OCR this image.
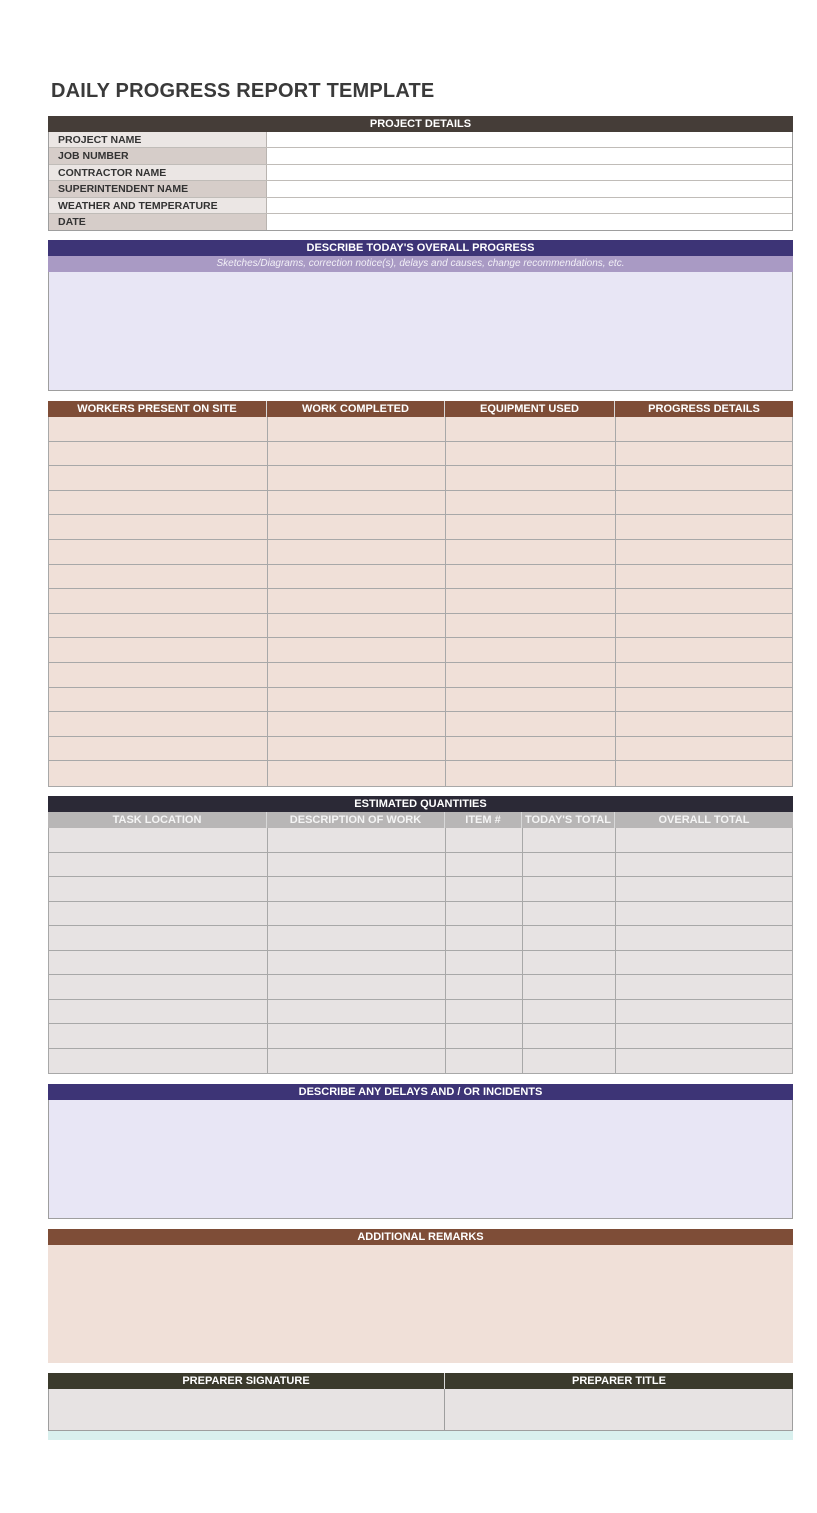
DAILY PROGRESS REPORT TEMPLATE
PROJECT DETAILS
PROJECT NAME
JOB NUMBER
CONTRACTOR NAME
SUPERINTENDENT NAME
WEATHER AND TEMPERATURE
DATE
DESCRIBE TODAY'S OVERALL PROGRESS
Sketches/Diagrams, correction notice(s), delays and causes, change recommendations, etc.
WORKERS PRESENT ON SITE	WORK COMPLETED	EQUIPMENT USED	PROGRESS DETAILS
ESTIMATED QUANTITIES
TASK LOCATION	DESCRIPTION OF WORK	ITEM #	TODAY'S TOTAL	OVERALL TOTAL
DESCRIBE ANY DELAYS AND / OR INCIDENTS
ADDITIONAL REMARKS
PREPARER SIGNATURE	PREPARER TITLE
